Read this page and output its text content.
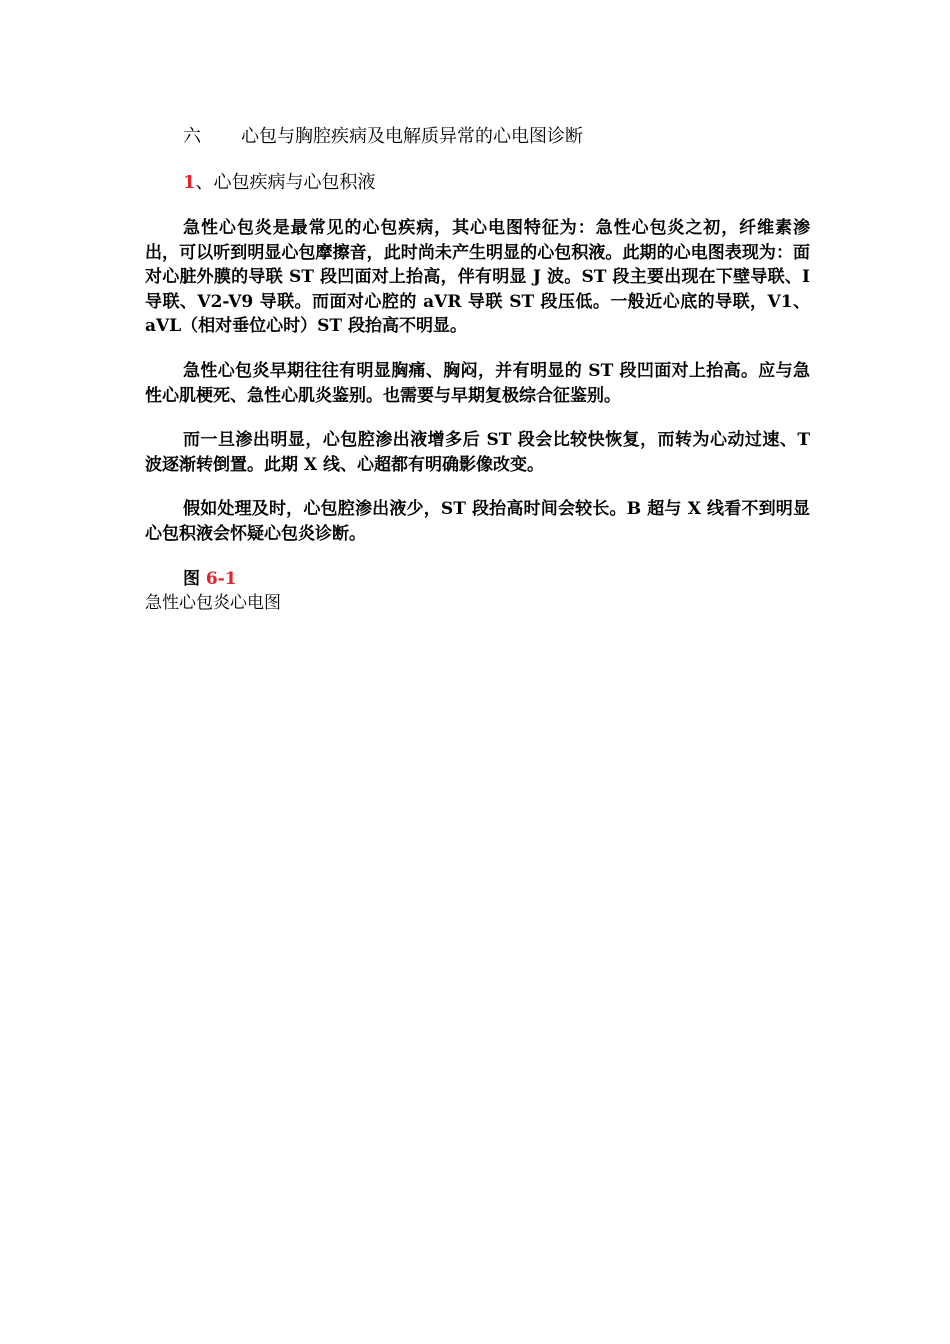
六 心包与胸腔疾病及电解质异常的心电图诊断

1、心包疾病与心包积液

急性心包炎是最常见的心包疾病，其心电图特征为：急性心包炎之初，纤维素渗出，可以听到明显心包摩擦音，此时尚未产生明显的心包积液。此期的心电图表现为：面对心脏外膜的导联 ST 段凹面对上抬高，伴有明显 J 波。ST 段主要出现在下壁导联、I 导联、V2-V9 导联。而面对心腔的 aVR 导联 ST 段压低。一般近心底的导联，V1、aVL（相对垂位心时）ST 段抬高不明显。

急性心包炎早期往往有明显胸痛、胸闷，并有明显的 ST 段凹面对上抬高。应与急性心肌梗死、急性心肌炎鉴别。也需要与早期复极综合征鉴别。

而一旦渗出明显，心包腔渗出液增多后 ST 段会比较快恢复，而转为心动过速、T 波逐渐转倒置。此期 X 线、心超都有明确影像改变。

假如处理及时，心包腔渗出液少，ST 段抬高时间会较长。B 超与 X 线看不到明显心包积液会怀疑心包炎诊断。

图 6-1

急性心包炎心电图
